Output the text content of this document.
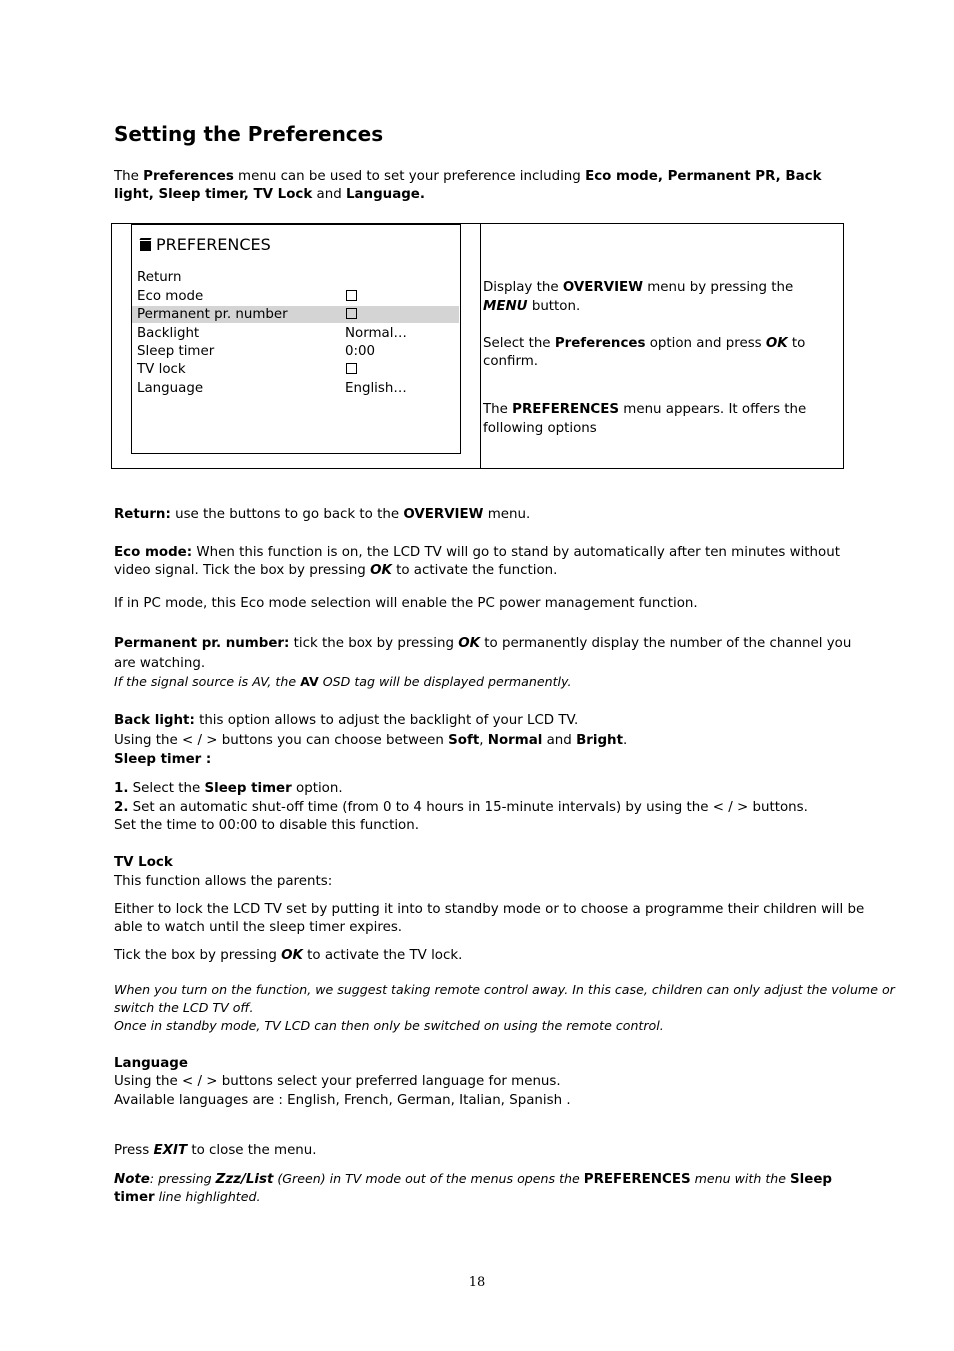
Setting the Preferences
The Preferences menu can be used to set your preference including Eco mode, Permanent PR, Back
light, Sleep timer, TV Lock and Language.
PREFERENCES
Return
Eco mode
Permanent pr. number
Backlight
Sleep timer
TV lock
Language
Normal…
0:00
English…
Display the OVERVIEW menu by pressing the
MENU button.
Select the Preferences option and press OK to
confirm.
The PREFERENCES menu appears. It offers the
following options
Return: use the buttons to go back to the OVERVIEW menu.
Eco mode: When this function is on, the LCD TV will go to stand by automatically after ten minutes without
video signal. Tick the box by pressing OK to activate the function.
If in PC mode, this Eco mode selection will enable the PC power management function.
Permanent pr. number: tick the box by pressing OK to permanently display the number of the channel you
are watching.
If the signal source is AV, the AV OSD tag will be displayed permanently.
Back light: this option allows to adjust the backlight of your LCD TV.
Using the < / > buttons you can choose between Soft, Normal and Bright.
Sleep timer :
1. Select the Sleep timer option.
2. Set an automatic shut-off time (from 0 to 4 hours in 15-minute intervals) by using the < / > buttons.
Set the time to 00:00 to disable this function.
TV Lock
This function allows the parents:
Either to lock the LCD TV set by putting it into to standby mode or to choose a programme their children will be
able to watch until the sleep timer expires.
Tick the box by pressing OK to activate the TV lock.
When you turn on the function, we suggest taking remote control away. In this case, children can only adjust the volume or
switch the LCD TV off.
Once in standby mode, TV LCD can then only be switched on using the remote control.
Language
Using the < / > buttons select your preferred language for menus.
Available languages are : English, French, German, Italian, Spanish .
Press EXIT to close the menu.
Note: pressing Zzz/List (Green) in TV mode out of the menus opens the PREFERENCES menu with the Sleep
timer line highlighted.
18
